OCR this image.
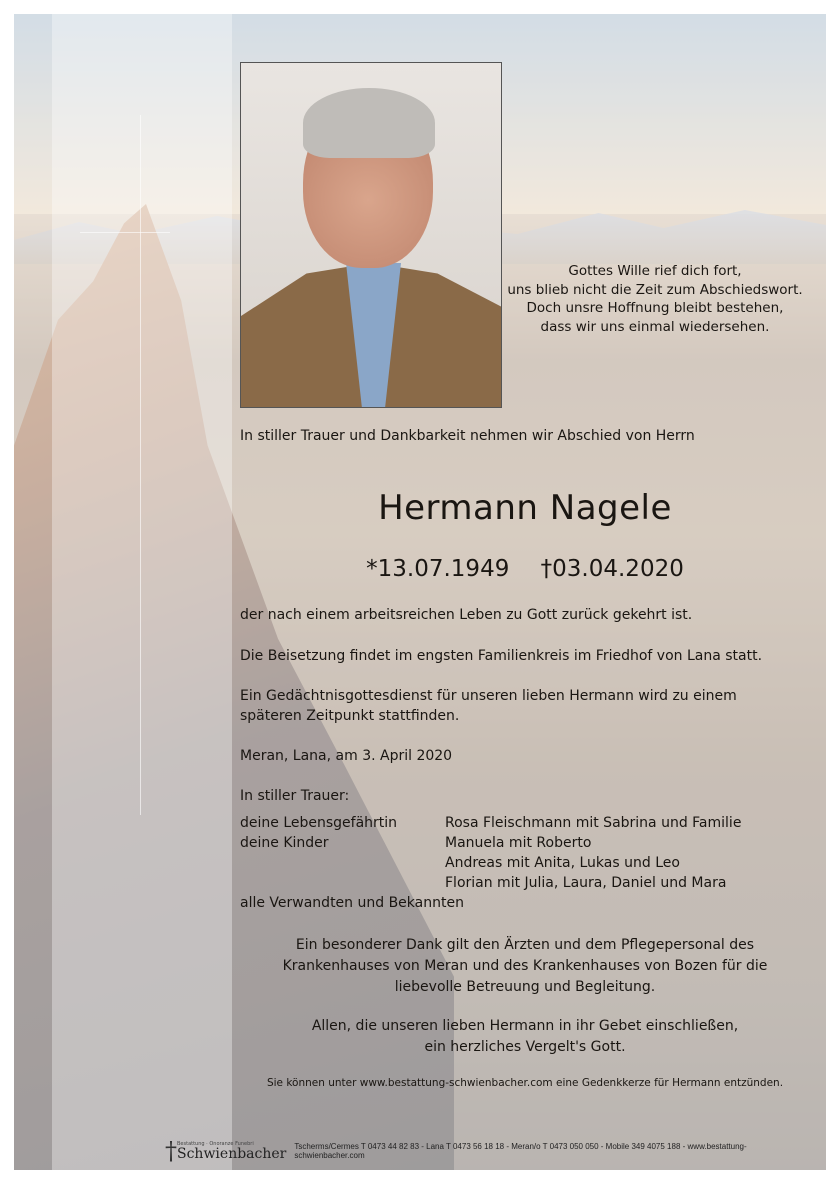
Gottes Wille rief dich fort,
uns blieb nicht die Zeit zum Abschiedswort.
Doch unsre Hoffnung bleibt bestehen,
dass wir uns einmal wiedersehen.
In stiller Trauer und Dankbarkeit nehmen wir Abschied von Herrn
Hermann Nagele
*13.07.1949 †03.04.2020
der nach einem arbeitsreichen Leben zu Gott zurück gekehrt ist.
Die Beisetzung findet im engsten Familienkreis im Friedhof von Lana statt.
Ein Gedächtnisgottesdienst für unseren lieben Hermann wird zu einem
späteren Zeitpunkt stattfinden.
Meran, Lana, am 3. April 2020
In stiller Trauer:
deine Lebensgefährtin	Rosa Fleischmann mit Sabrina und Familie
deine Kinder	Manuela mit Roberto
Andreas mit Anita, Lukas und Leo
Florian mit Julia, Laura, Daniel und Mara
alle Verwandten und Bekannten
Ein besonderer Dank gilt den Ärzten und dem Pflegepersonal des
Krankenhauses von Meran und des Krankenhauses von Bozen für die
liebevolle Betreuung und Begleitung.
Allen, die unseren lieben Hermann in ihr Gebet einschließen,
ein herzliches Vergelt's Gott.
Sie können unter www.bestattung-schwienbacher.com eine Gedenkkerze für Hermann entzünden.
† Bestattung · Onoranze Funebri
Schwienbacher Tscherms/Cermes T 0473 44 82 83 - Lana T 0473 56 18 18 - Meran/o T 0473 050 050 - Mobile 349 4075 188 - www.bestattung-schwienbacher.com
